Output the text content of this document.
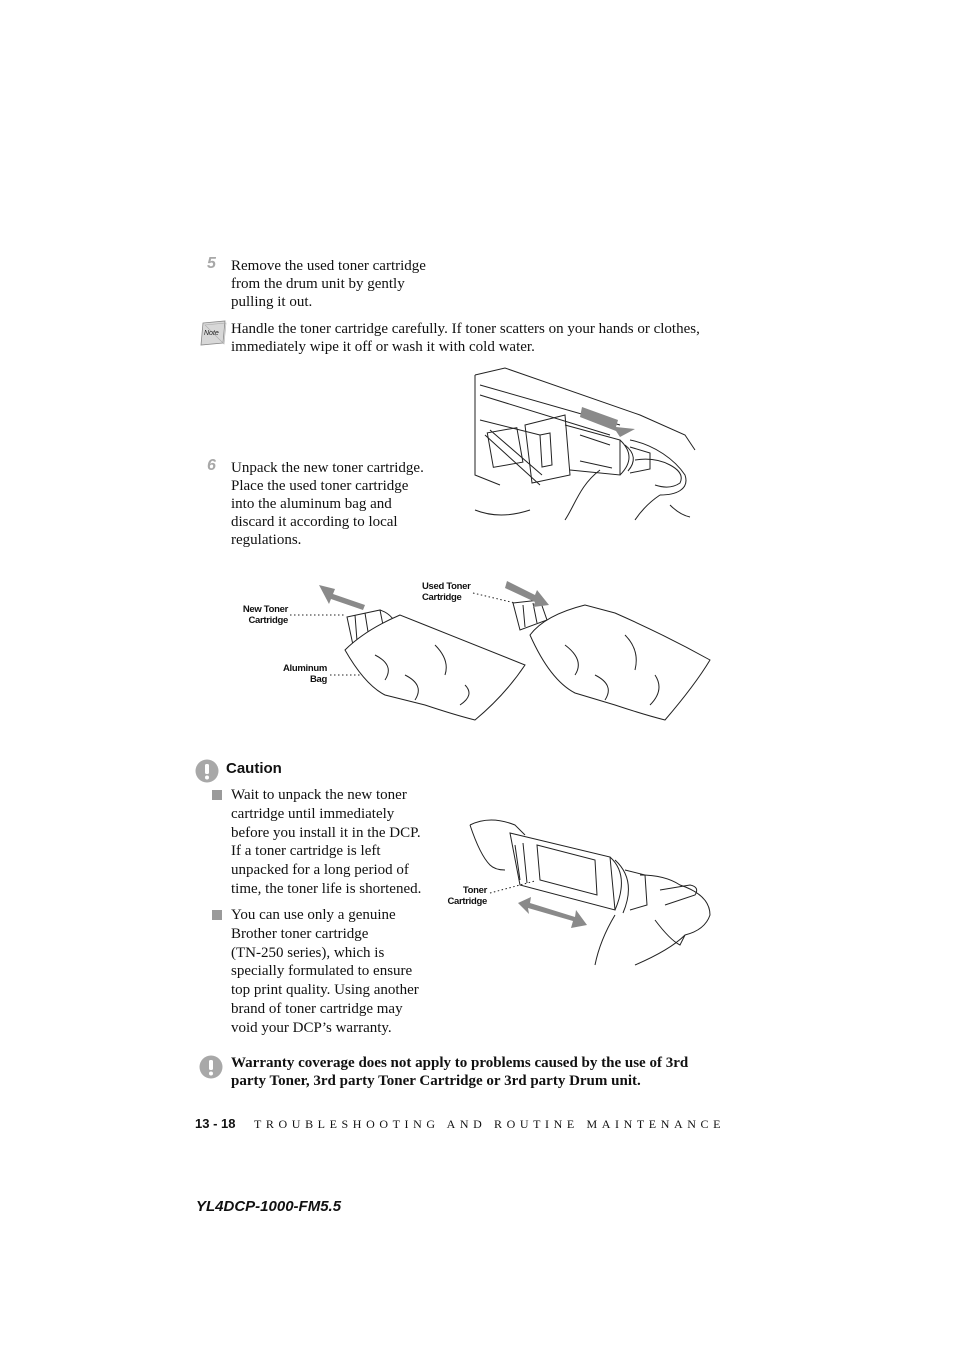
5 Remove the used toner cartridge
from the drum unit by gently
pulling it out.
Note Handle the toner cartridge carefully. If toner scatters on your hands or clothes,
immediately wipe it off or wash it with cold water.
6 Unpack the new toner cartridge.
Place the used toner cartridge
into the aluminum bag and
discard it according to local
regulations.
New Toner
Cartridge
Used Toner
Cartridge
Aluminum
Bag
Caution
Wait to unpack the new toner
cartridge until immediately
before you install it in the DCP.
If a toner cartridge is left
unpacked for a long period of
time, the toner life is shortened.
You can use only a genuine
Brother toner cartridge
(TN-250 series), which is
specially formulated to ensure
top print quality. Using another
brand of toner cartridge may
void your DCP’s warranty.
Toner
Cartridge
Warranty coverage does not apply to problems caused by the use of 3rd
party Toner, 3rd party Toner Cartridge or 3rd party Drum unit.
13 - 18 TROUBLESHOOTING AND ROUTINE MAINTENANCE
YL4DCP-1000-FM5.5
